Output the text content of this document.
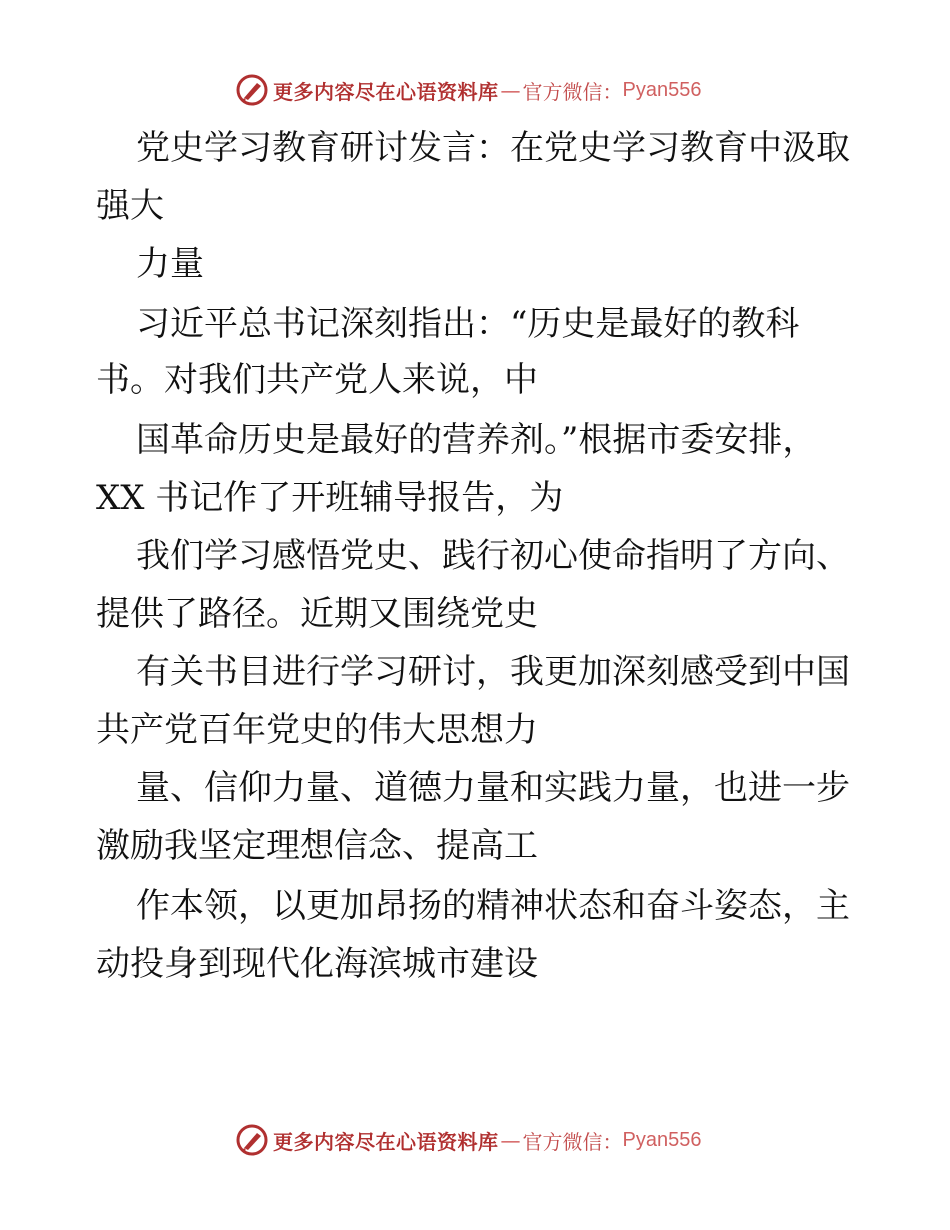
更多内容尽在心语资料库 — 官方微信： Pyan556
党史学习教育研讨发言：在党史学习教育中汲取
强大
力量
习近平总书记深刻指出：“历史是最好的教科
书。对我们共产党人来说，中
国革命历史是最好的营养剂。”根据市委安排，
XX 书记作了开班辅导报告，为
我们学习感悟党史、践行初心使命指明了方向、
提供了路径。近期又围绕党史
有关书目进行学习研讨，我更加深刻感受到中国
共产党百年党史的伟大思想力
量、信仰力量、道德力量和实践力量，也进一步
激励我坚定理想信念、提高工
作本领，以更加昂扬的精神状态和奋斗姿态，主
动投身到现代化海滨城市建设
更多内容尽在心语资料库 — 官方微信： Pyan556
